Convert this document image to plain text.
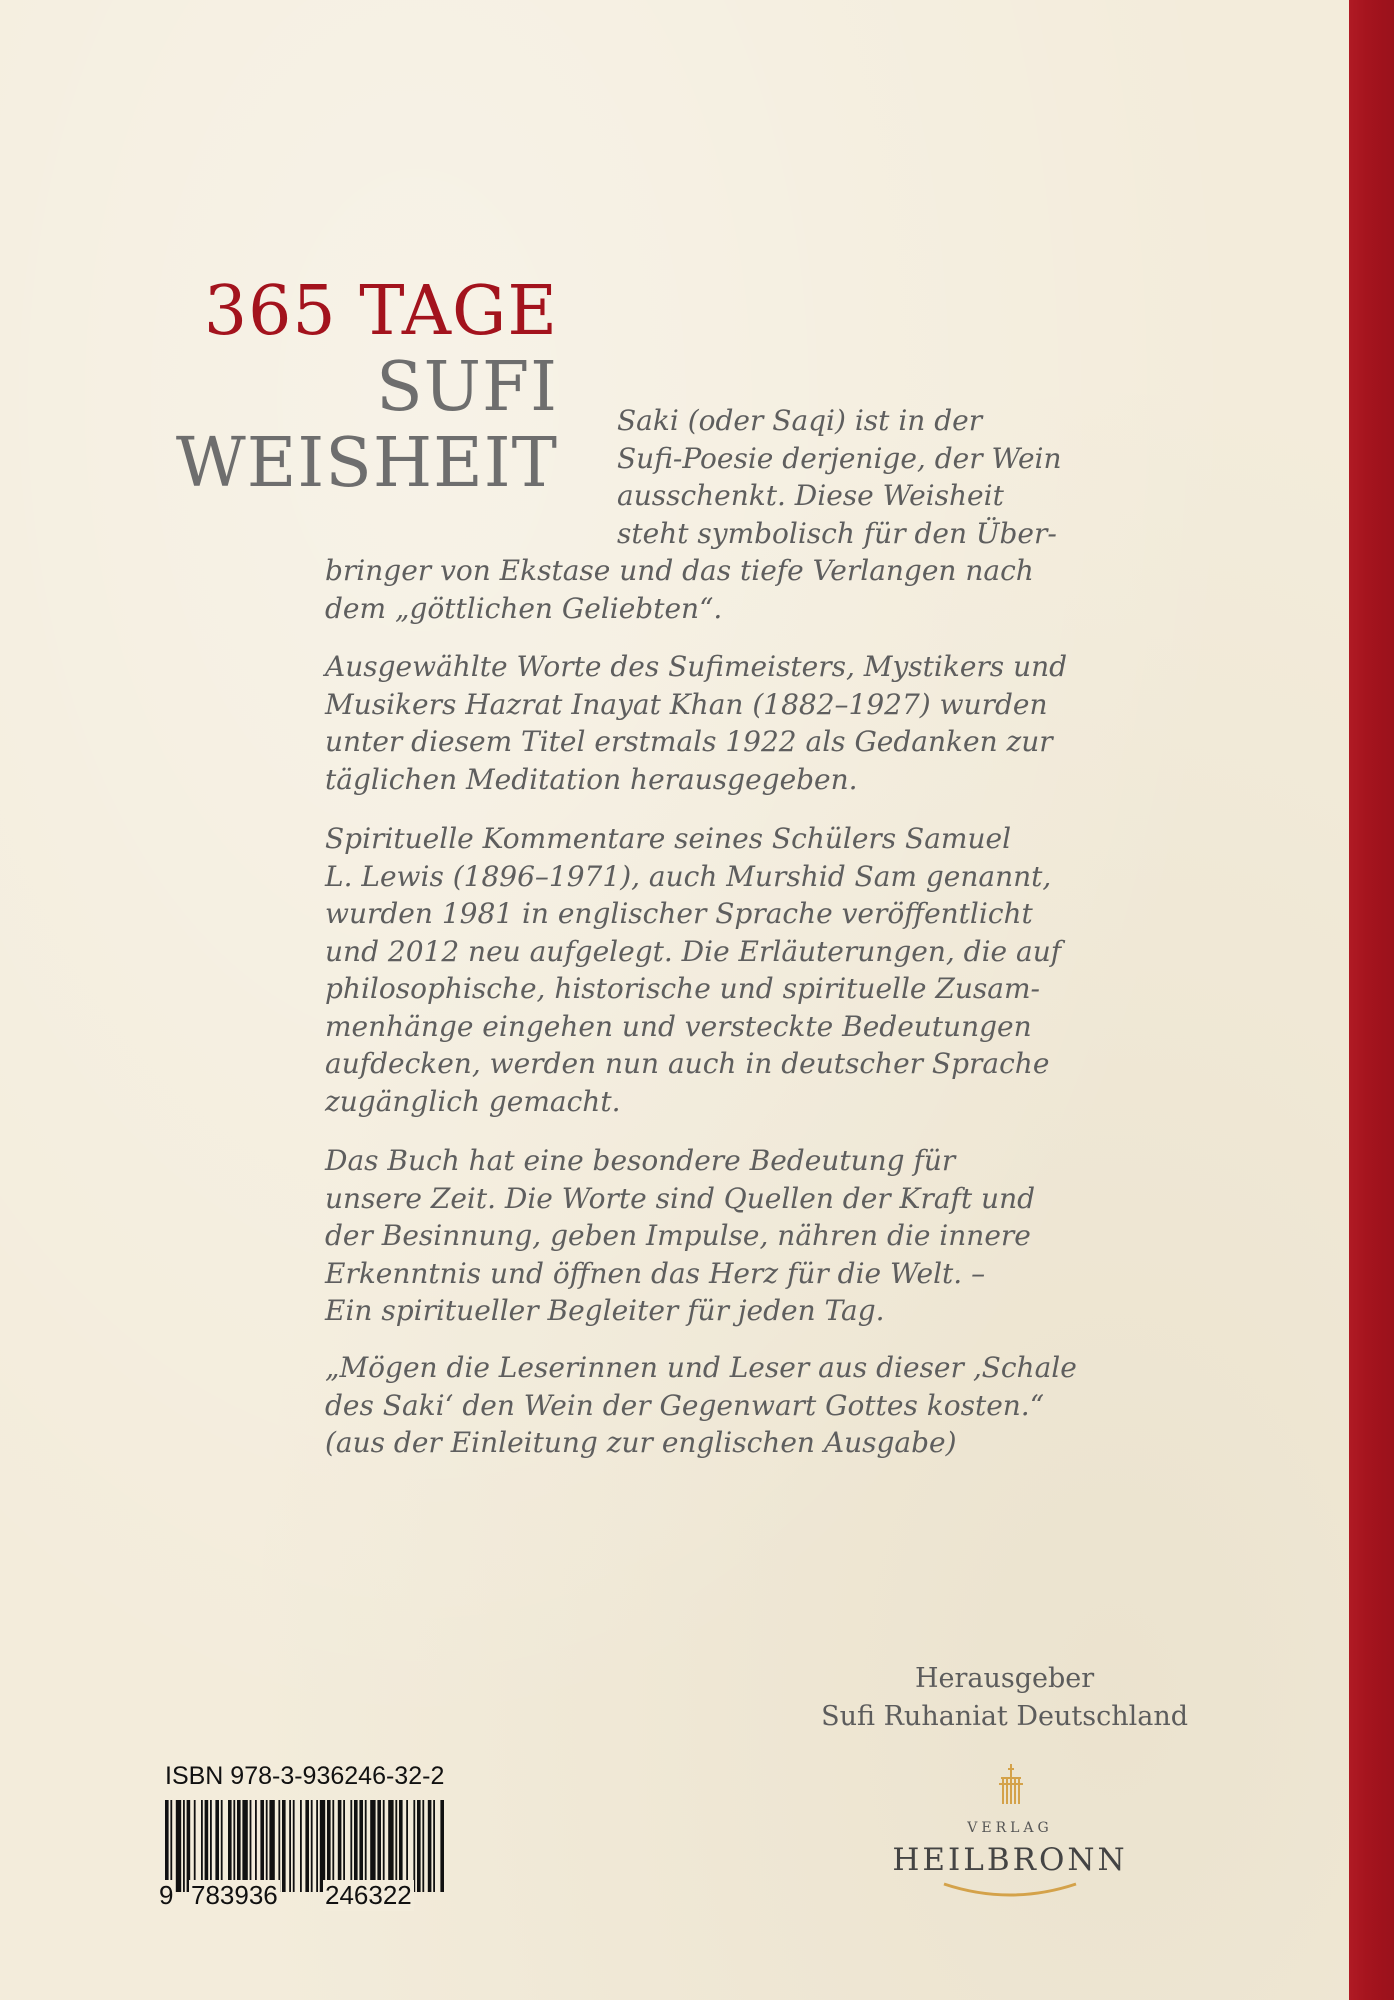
365 TAGE
SUFI
WEISHEIT
Saki (oder Saqi) ist in der
Sufi-Poesie derjenige, der Wein
ausschenkt. Diese Weisheit
steht symbolisch für den Über-
bringer von Ekstase und das tiefe Verlangen nach
dem „göttlichen Geliebten“.
Ausgewählte Worte des Sufimeisters, Mystikers und
Musikers Hazrat Inayat Khan (1882–1927) wurden
unter diesem Titel erstmals 1922 als Gedanken zur
täglichen Meditation herausgegeben.
Spirituelle Kommentare seines Schülers Samuel
L. Lewis (1896–1971), auch Murshid Sam genannt,
wurden 1981 in englischer Sprache veröffentlicht
und 2012 neu aufgelegt. Die Erläuterungen, die auf
philosophische, historische und spirituelle Zusam-
menhänge eingehen und versteckte Bedeutungen
aufdecken, werden nun auch in deutscher Sprache
zugänglich gemacht.
Das Buch hat eine besondere Bedeutung für
unsere Zeit. Die Worte sind Quellen der Kraft und
der Besinnung, geben Impulse, nähren die innere
Erkenntnis und öffnen das Herz für die Welt. –
Ein spiritueller Begleiter für jeden Tag.
„Mögen die Leserinnen und Leser aus dieser ‚Schale
des Saki‘ den Wein der Gegenwart Gottes kosten.“
(aus der Einleitung zur englischen Ausgabe)
Herausgeber
Sufi Ruhaniat Deutschland
ISBN 978-3-936246-32-2
9 783936 246322
VERLAG
HEILBRONN
